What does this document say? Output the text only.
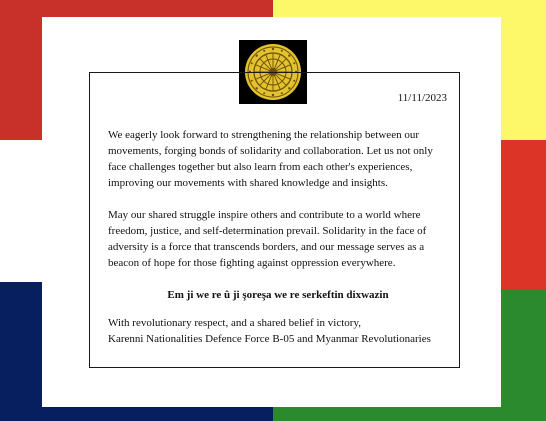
11/11/2023

We eagerly look forward to strengthening the relationship between our movements, forging bonds of solidarity and collaboration. Let us not only face challenges together but also learn from each other's experiences, improving our movements with shared knowledge and insights.

May our shared struggle inspire others and contribute to a world where freedom, justice, and self-determination prevail. Solidarity in the face of adversity is a force that transcends borders, and our message serves as a beacon of hope for those fighting against oppression everywhere.

Em ji we re û ji şoreşa we re serkeftin dixwazin

With revolutionary respect, and a shared belief in victory,

Karenni Nationalities Defence Force B-05 and Myanmar Revolutionaries
